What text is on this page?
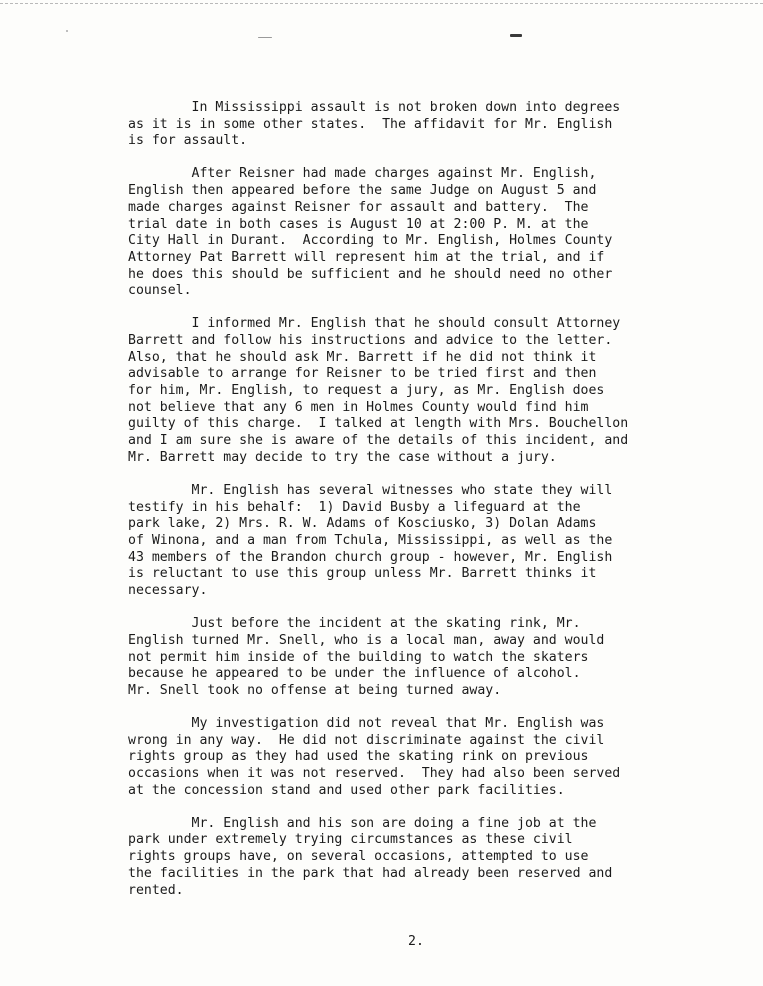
In Mississippi assault is not broken down into degrees
as it is in some other states.  The affidavit for Mr. English
is for assault.
After Reisner had made charges against Mr. English,
English then appeared before the same Judge on August 5 and
made charges against Reisner for assault and battery.  The
trial date in both cases is August 10 at 2:00 P. M. at the
City Hall in Durant.  According to Mr. English, Holmes County
Attorney Pat Barrett will represent him at the trial, and if
he does this should be sufficient and he should need no other
counsel.
I informed Mr. English that he should consult Attorney
Barrett and follow his instructions and advice to the letter.
Also, that he should ask Mr. Barrett if he did not think it
advisable to arrange for Reisner to be tried first and then
for him, Mr. English, to request a jury, as Mr. English does
not believe that any 6 men in Holmes County would find him
guilty of this charge.  I talked at length with Mrs. Bouchellon
and I am sure she is aware of the details of this incident, and
Mr. Barrett may decide to try the case without a jury.
Mr. English has several witnesses who state they will
testify in his behalf:  1) David Busby a lifeguard at the
park lake, 2) Mrs. R. W. Adams of Kosciusko, 3) Dolan Adams
of Winona, and a man from Tchula, Mississippi, as well as the
43 members of the Brandon church group - however, Mr. English
is reluctant to use this group unless Mr. Barrett thinks it
necessary.
Just before the incident at the skating rink, Mr.
English turned Mr. Snell, who is a local man, away and would
not permit him inside of the building to watch the skaters
because he appeared to be under the influence of alcohol.
Mr. Snell took no offense at being turned away.
My investigation did not reveal that Mr. English was
wrong in any way.  He did not discriminate against the civil
rights group as they had used the skating rink on previous
occasions when it was not reserved.  They had also been served
at the concession stand and used other park facilities.
Mr. English and his son are doing a fine job at the
park under extremely trying circumstances as these civil
rights groups have, on several occasions, attempted to use
the facilities in the park that had already been reserved and
rented.
2.
